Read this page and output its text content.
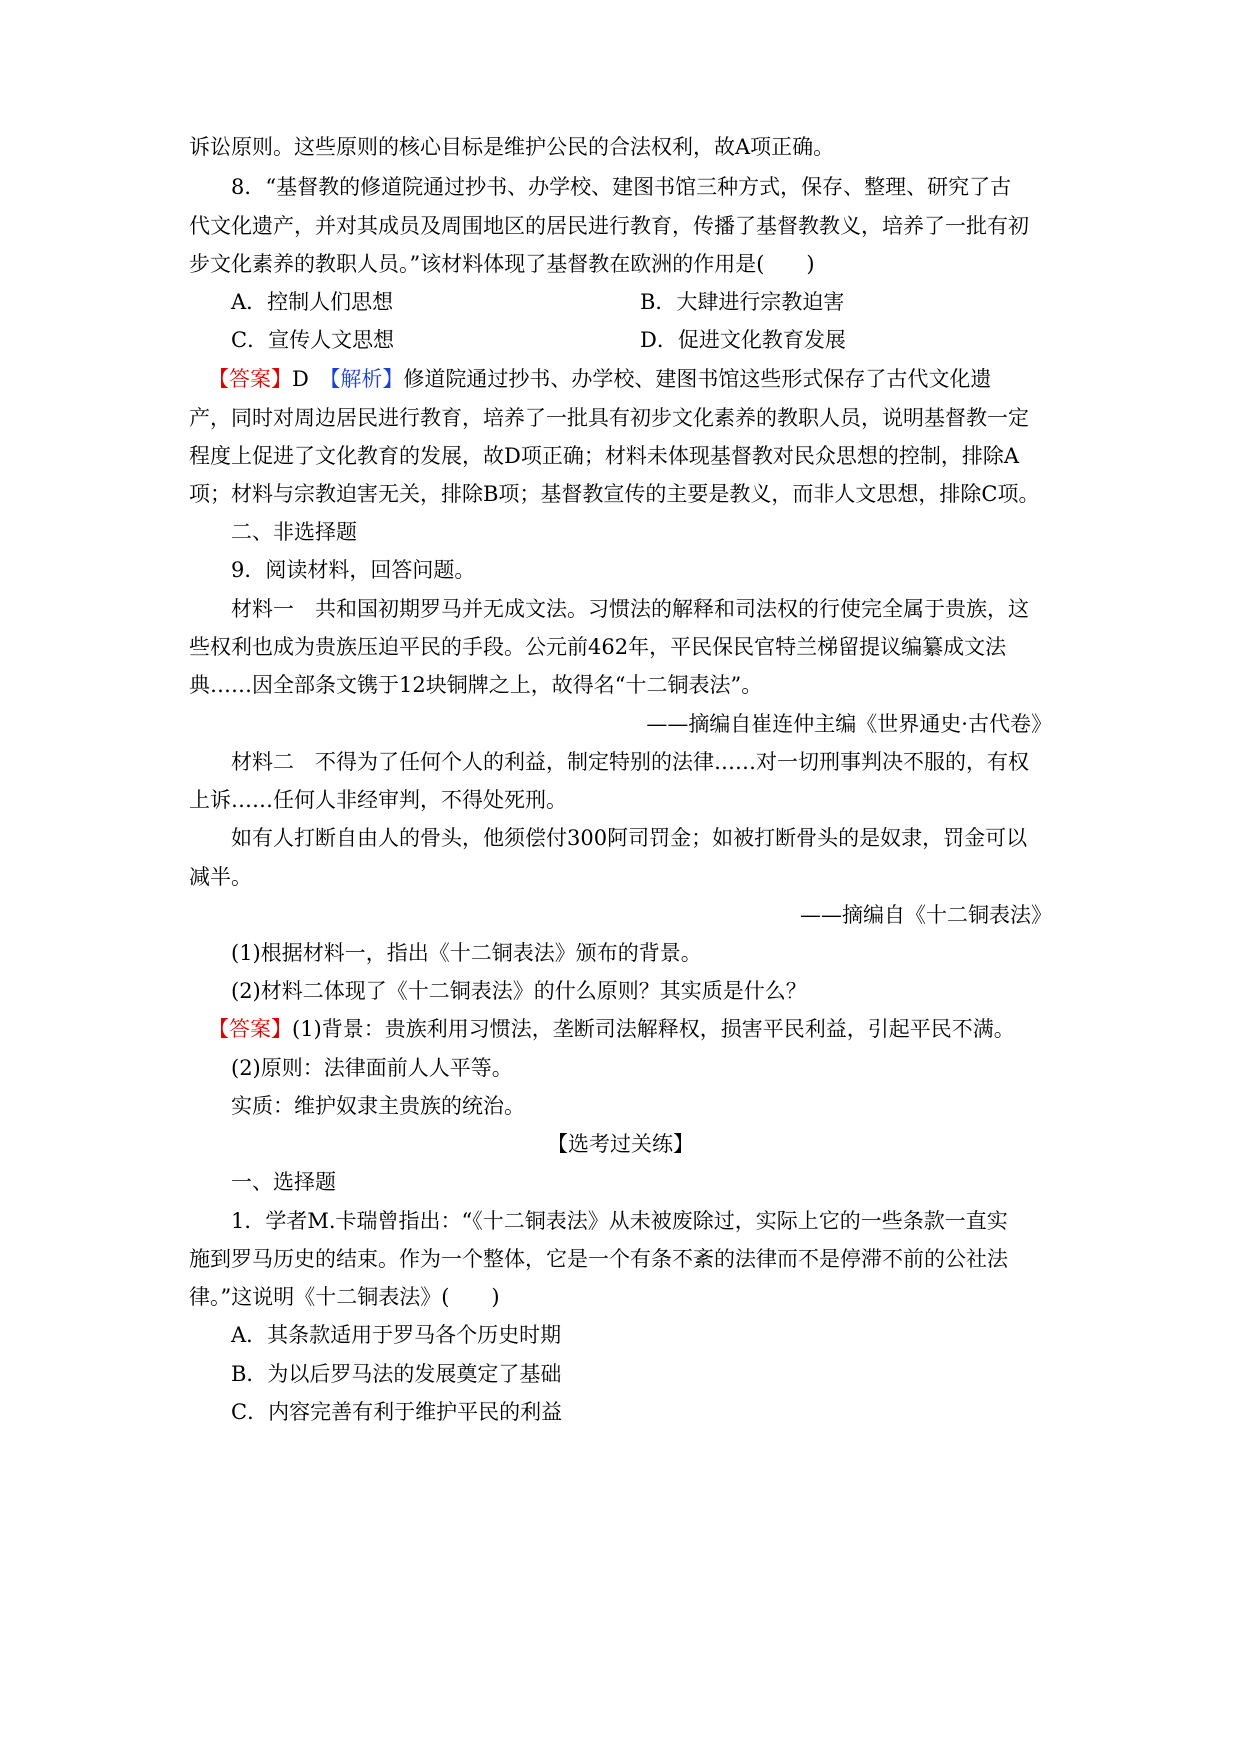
诉讼原则。这些原则的核心目标是维护公民的合法权利，故A项正确。
8．“基督教的修道院通过抄书、办学校、建图书馆三种方式，保存、整理、研究了古
代文化遗产，并对其成员及周围地区的居民进行教育，传播了基督教教义，培养了一批有初
步文化素养的教职人员。”该材料体现了基督教在欧洲的作用是(　　)
A．控制人们思想	B．大肆进行宗教迫害
C．宣传人文思想	D．促进文化教育发展
【答案】D　【解析】修道院通过抄书、办学校、建图书馆这些形式保存了古代文化遗
产，同时对周边居民进行教育，培养了一批具有初步文化素养的教职人员，说明基督教一定
程度上促进了文化教育的发展，故D项正确；材料未体现基督教对民众思想的控制，排除A
项；材料与宗教迫害无关，排除B项；基督教宣传的主要是教义，而非人文思想，排除C项。
二、非选择题
9．阅读材料，回答问题。
材料一　共和国初期罗马并无成文法。习惯法的解释和司法权的行使完全属于贵族，这
些权利也成为贵族压迫平民的手段。公元前462年，平民保民官特兰梯留提议编纂成文法
典……因全部条文镌于12块铜牌之上，故得名“十二铜表法”。
——摘编自崔连仲主编《世界通史·古代卷》
材料二　不得为了任何个人的利益，制定特别的法律……对一切刑事判决不服的，有权
上诉……任何人非经审判，不得处死刑。
如有人打断自由人的骨头，他须偿付300阿司罚金；如被打断骨头的是奴隶，罚金可以
减半。
——摘编自《十二铜表法》
(1)根据材料一，指出《十二铜表法》颁布的背景。
(2)材料二体现了《十二铜表法》的什么原则？其实质是什么？
【答案】(1)背景：贵族利用习惯法，垄断司法解释权，损害平民利益，引起平民不满。
(2)原则：法律面前人人平等。
实质：维护奴隶主贵族的统治。
【选考过关练】
一、选择题
1．学者M.卡瑞曾指出：“《十二铜表法》从未被废除过，实际上它的一些条款一直实
施到罗马历史的结束。作为一个整体，它是一个有条不紊的法律而不是停滞不前的公社法
律。”这说明《十二铜表法》(　　)
A．其条款适用于罗马各个历史时期
B．为以后罗马法的发展奠定了基础
C．内容完善有利于维护平民的利益
